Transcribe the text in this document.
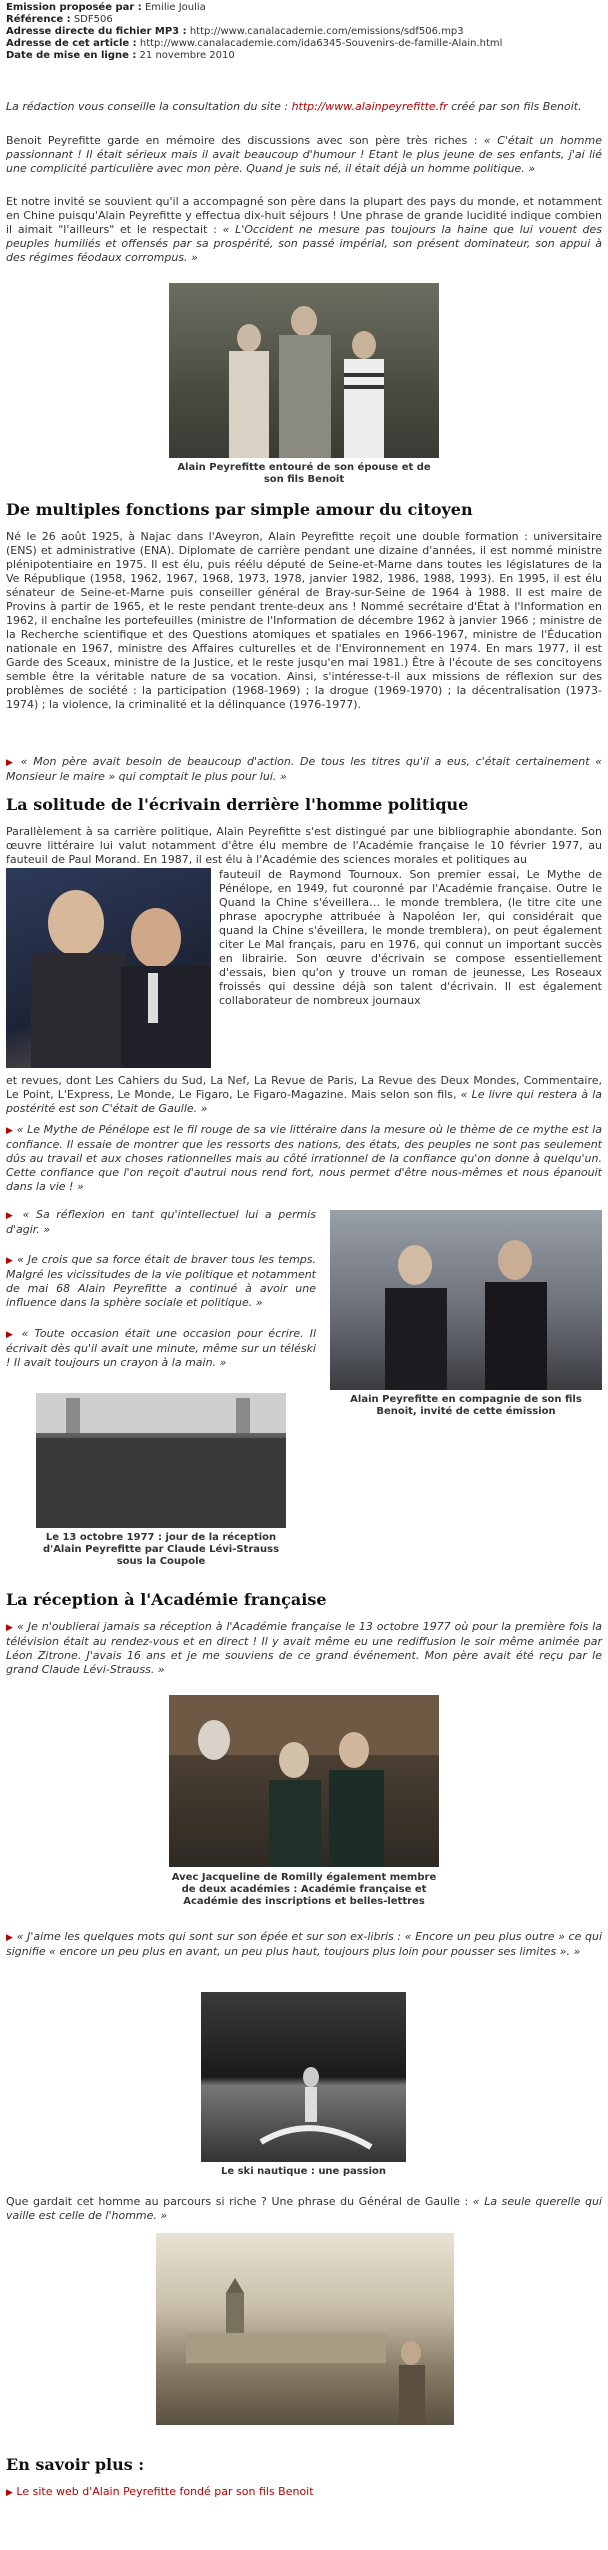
Emission proposée par : Emilie Joulia
Référence : SDF506
Adresse directe du fichier MP3 : http://www.canalacademie.com/emissions/sdf506.mp3
Adresse de cet article : http://www.canalacademie.com/ida6345-Souvenirs-de-famille-Alain.html
Date de mise en ligne : 21 novembre 2010

La rédaction vous conseille la consultation du site : http://www.alainpeyrefitte.fr créé par son fils Benoit.

Benoit Peyrefitte garde en mémoire des discussions avec son père très riches : « C'était un homme passionnant ! Il était sérieux mais il avait beaucoup d'humour ! Etant le plus jeune de ses enfants, j'ai lié une complicité particulière avec mon père. Quand je suis né, il était déjà un homme politique. »

Et notre invité se souvient qu'il a accompagné son père dans la plupart des pays du monde, et notamment en Chine puisqu'Alain Peyrefitte y effectua dix-huit séjours ! Une phrase de grande lucidité indique combien il aimait "l'ailleurs" et le respectait : « L'Occident ne mesure pas toujours la haine que lui vouent des peuples humiliés et offensés par sa prospérité, son passé impérial, son présent dominateur, son appui à des régimes féodaux corrompus. »

Alain Peyrefitte entouré de son épouse et de son fils Benoit
De multiples fonctions par simple amour du citoyen

Né le 26 août 1925, à Najac dans l'Aveyron, Alain Peyrefitte reçoit une double formation : universitaire (ENS) et administrative (ENA). Diplomate de carrière pendant une dizaine d'années, il est nommé ministre plénipotentiaire en 1975. Il est élu, puis réélu député de Seine-et-Marne dans toutes les législatures de la Ve République (1958, 1962, 1967, 1968, 1973, 1978, janvier 1982, 1986, 1988, 1993). En 1995, il est élu sénateur de Seine-et-Marne puis conseiller général de Bray-sur-Seine de 1964 à 1988. Il est maire de Provins à partir de 1965, et le reste pendant trente-deux ans ! Nommé secrétaire d'État à l'Information en 1962, il enchaîne les portefeuilles (ministre de l'Information de décembre 1962 à janvier 1966 ; ministre de la Recherche scientifique et des Questions atomiques et spatiales en 1966-1967, ministre de l'Éducation nationale en 1967, ministre des Affaires culturelles et de l'Environnement en 1974. En mars 1977, il est Garde des Sceaux, ministre de la Justice, et le reste jusqu'en mai 1981.) Être à l'écoute de ses concitoyens semble être la véritable nature de sa vocation. Ainsi, s'intéresse-t-il aux missions de réflexion sur des problèmes de société : la participation (1968-1969) ; la drogue (1969-1970) ; la décentralisation (1973-1974) ; la violence, la criminalité et la délinquance (1976-1977).

▶ « Mon père avait besoin de beaucoup d'action. De tous les titres qu'il a eus, c'était certainement « Monsieur le maire » qui comptait le plus pour lui. »

La solitude de l'écrivain derrière l'homme politique

Parallèlement à sa carrière politique, Alain Peyrefitte s'est distingué par une bibliographie abondante. Son œuvre littéraire lui valut notamment d'être élu membre de l'Académie française le 10 février 1977, au fauteuil de Paul Morand. En 1987, il est élu à l'Académie des sciences morales et politiques au

fauteuil de Raymond Tournoux. Son premier essai, Le Mythe de Pénélope, en 1949, fut couronné par l'Académie française. Outre le Quand la Chine s'éveillera… le monde tremblera, (le titre cite une phrase apocryphe attribuée à Napoléon Ier, qui considérait que quand la Chine s'éveillera, le monde tremblera), on peut également citer Le Mal français, paru en 1976, qui connut un important succès en librairie. Son œuvre d'écrivain se compose essentiellement d'essais, bien qu'on y trouve un roman de jeunesse, Les Roseaux froissés qui dessine déjà son talent d'écrivain. Il est également collaborateur de nombreux journaux

et revues, dont Les Cahiers du Sud, La Nef, La Revue de Paris, La Revue des Deux Mondes, Commentaire, Le Point, L'Express, Le Monde, Le Figaro, Le Figaro-Magazine. Mais selon son fils, « Le livre qui restera à la postérité est son C'était de Gaulle. »

▶ « Le Mythe de Pénélope est le fil rouge de sa vie littéraire dans la mesure où le thème de ce mythe est la confiance. Il essaie de montrer que les ressorts des nations, des états, des peuples ne sont pas seulement dûs au travail et aux choses rationnelles mais au côté irrationnel de la confiance qu'on donne à quelqu'un. Cette confiance que l'on reçoit d'autrui nous rend fort, nous permet d'être nous-mêmes et nous épanouit dans la vie ! »

▶ « Sa réflexion en tant qu'intellectuel lui a permis d'agir. »

▶ « Je crois que sa force était de braver tous les temps. Malgré les vicissitudes de la vie politique et notamment de mai 68 Alain Peyrefitte a continué à avoir une influence dans la sphère sociale et politique. »

▶ « Toute occasion était une occasion pour écrire. Il écrivait dès qu'il avait une minute, même sur un téléski ! Il avait toujours un crayon à la main. »

Alain Peyrefitte en compagnie de son fils Benoit, invité de cette émission
Le 13 octobre 1977 : jour de la réception d'Alain Peyrefitte par Claude Lévi-Strauss sous la Coupole
La réception à l'Académie française

▶ « Je n'oublierai jamais sa réception à l'Académie française le 13 octobre 1977 où pour la première fois la télévision était au rendez-vous et en direct ! Il y avait même eu une rediffusion le soir même animée par Léon Zitrone. J'avais 16 ans et je me souviens de ce grand événement. Mon père avait été reçu par le grand Claude Lévi-Strauss. »

Avec Jacqueline de Romilly également membre de deux académies : Académie française et Académie des inscriptions et belles-lettres

▶ « J'aime les quelques mots qui sont sur son épée et sur son ex-libris : « Encore un peu plus outre » ce qui signifie « encore un peu plus en avant, un peu plus haut, toujours plus loin pour pousser ses limites ». »

Le ski nautique : une passion

Que gardait cet homme au parcours si riche ? Une phrase du Général de Gaulle : « La seule querelle qui vaille est celle de l'homme. »

En savoir plus :
▶ Le site web d'Alain Peyrefitte fondé par son fils Benoit
